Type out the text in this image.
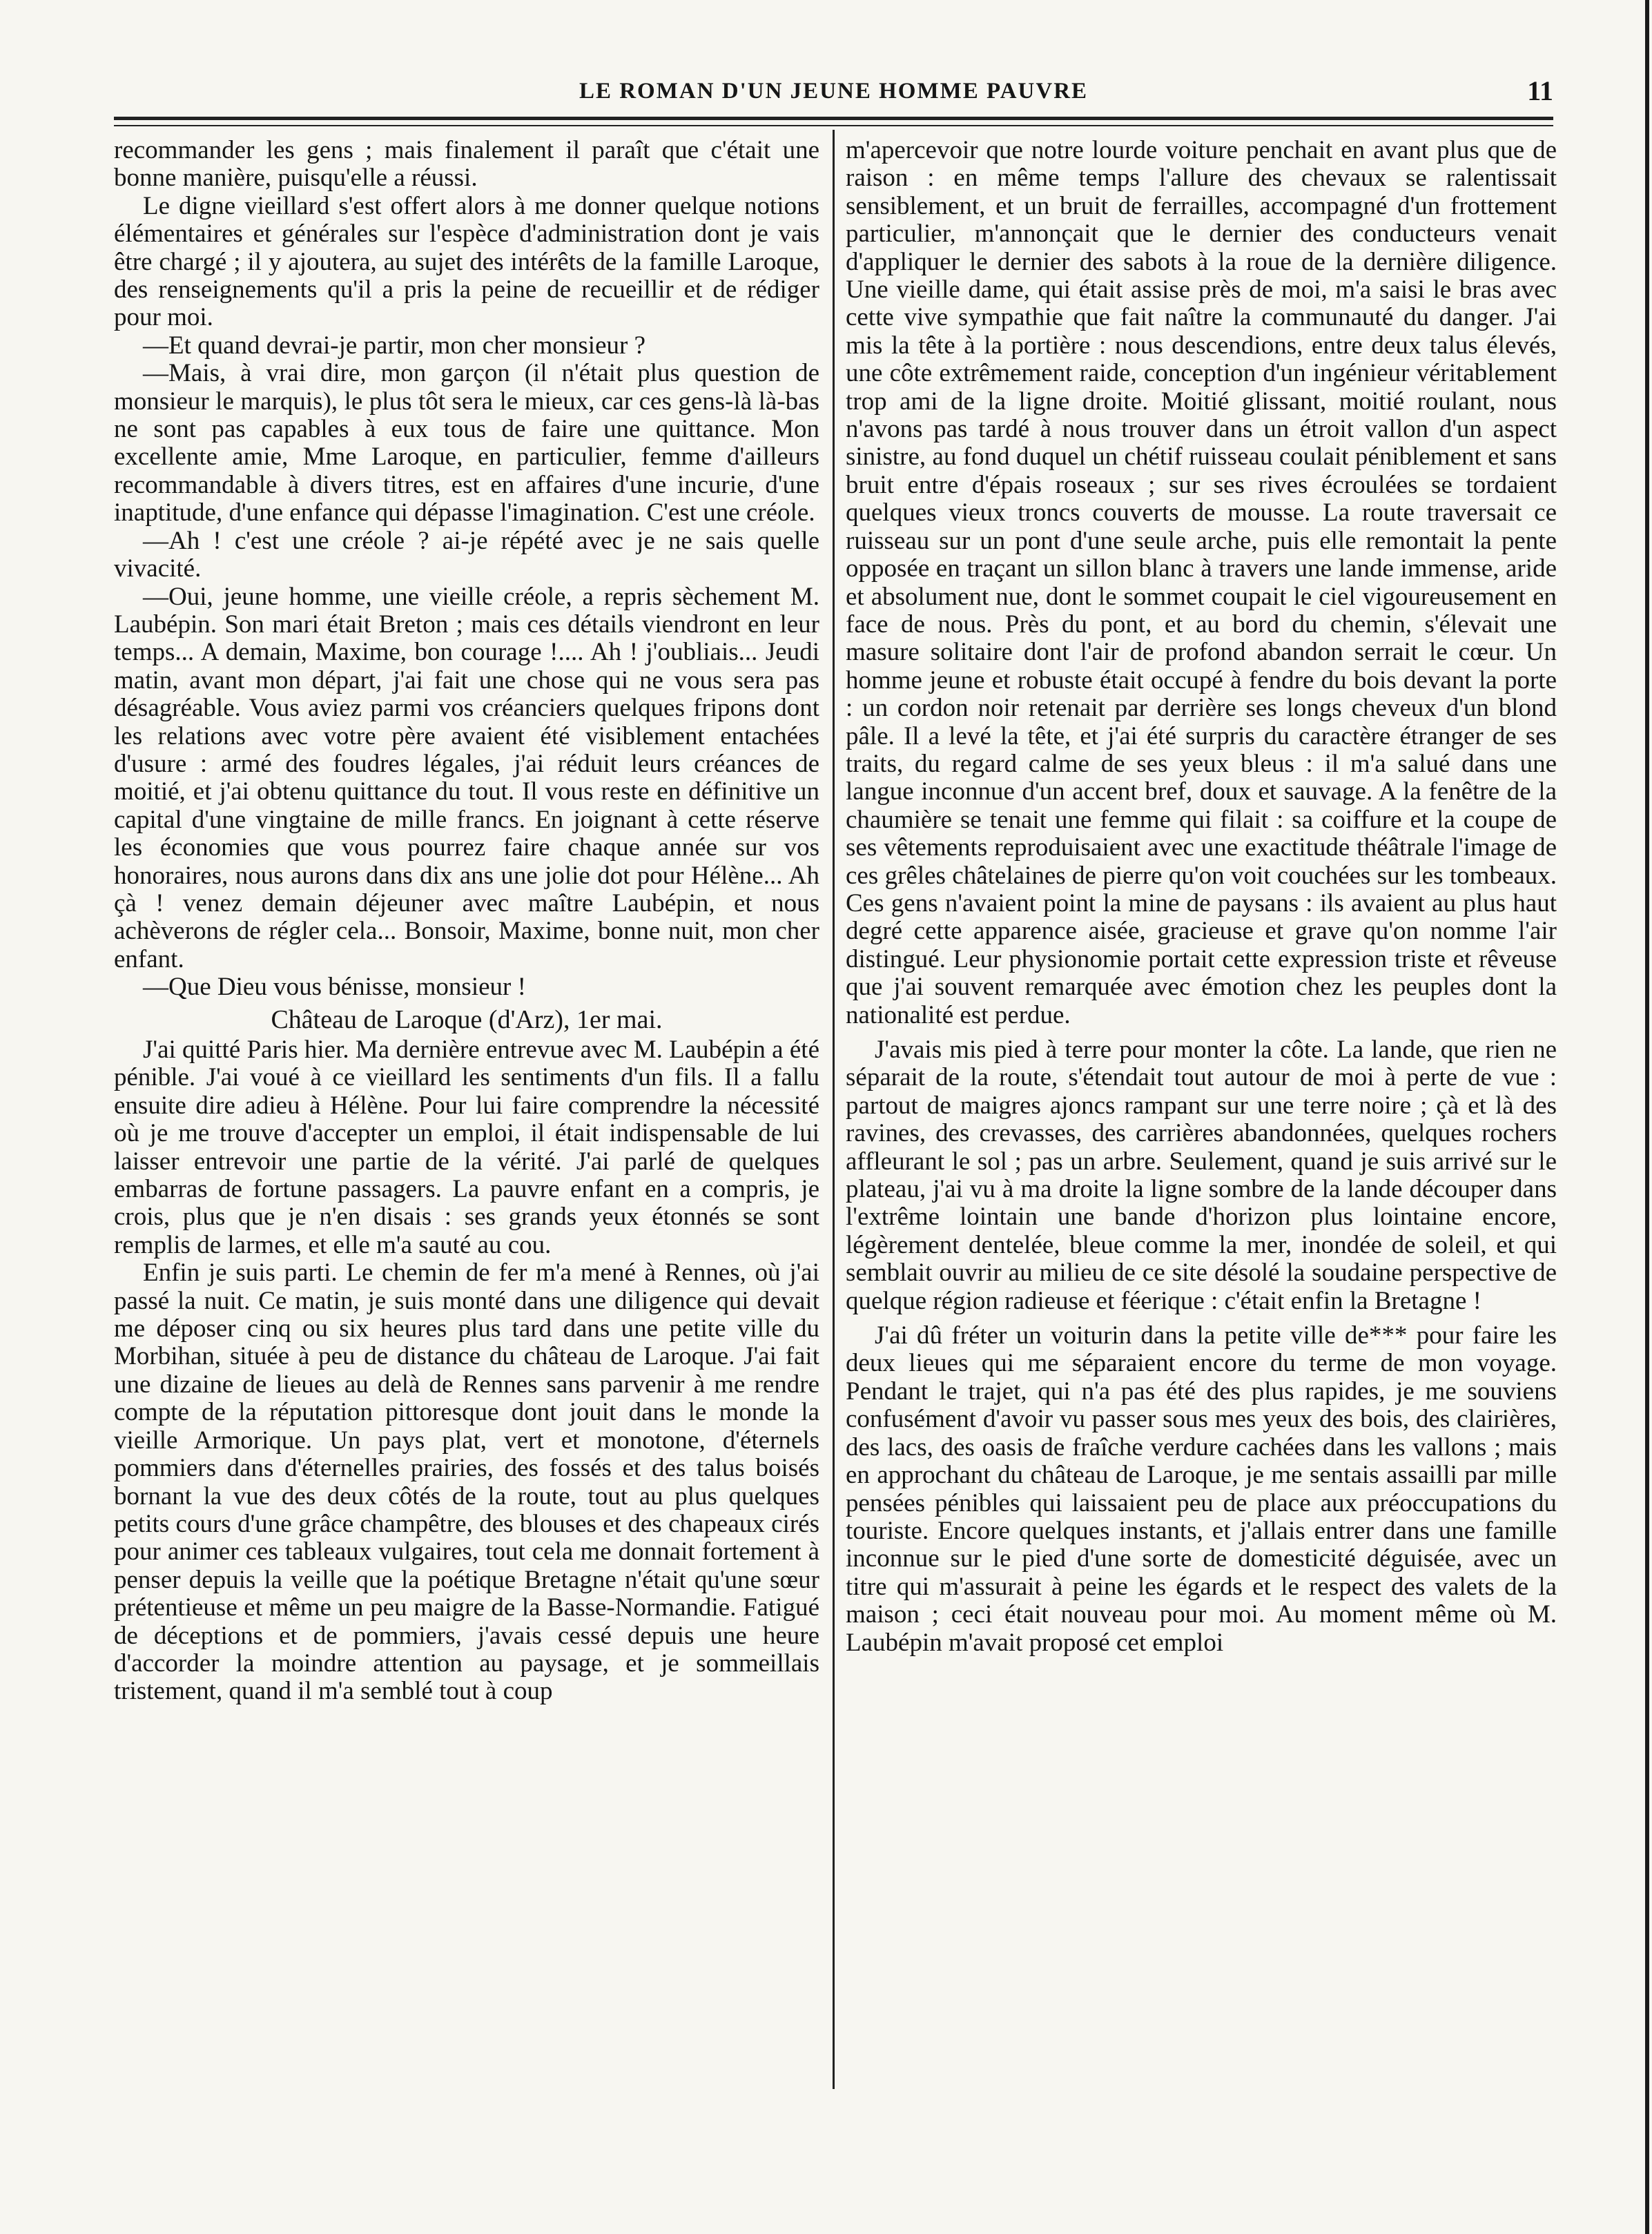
LE ROMAN D'UN JEUNE HOMME PAUVRE	11

recommander les gens ; mais finalement il paraît que c'était une bonne manière, puisqu'elle a réussi.

Le digne vieillard s'est offert alors à me donner quelque notions élémentaires et générales sur l'espèce d'administration dont je vais être chargé ; il y ajoutera, au sujet des intérêts de la famille Laroque, des renseignements qu'il a pris la peine de recueillir et de rédiger pour moi.

—Et quand devrai-je partir, mon cher monsieur ?

—Mais, à vrai dire, mon garçon (il n'était plus question de monsieur le marquis), le plus tôt sera le mieux, car ces gens-là là-bas ne sont pas capables à eux tous de faire une quittance. Mon excellente amie, Mme Laroque, en particulier, femme d'ailleurs recommandable à divers titres, est en affaires d'une incurie, d'une inaptitude, d'une enfance qui dépasse l'imagination. C'est une créole.

—Ah ! c'est une créole ? ai-je répété avec je ne sais quelle vivacité.

—Oui, jeune homme, une vieille créole, a repris sèchement M. Laubépin. Son mari était Breton ; mais ces détails viendront en leur temps... A demain, Maxime, bon courage !.... Ah ! j'oubliais... Jeudi matin, avant mon départ, j'ai fait une chose qui ne vous sera pas désagréable. Vous aviez parmi vos créanciers quelques fripons dont les relations avec votre père avaient été visiblement entachées d'usure : armé des foudres légales, j'ai réduit leurs créances de moitié, et j'ai obtenu quittance du tout. Il vous reste en définitive un capital d'une vingtaine de mille francs. En joignant à cette réserve les économies que vous pourrez faire chaque année sur vos honoraires, nous aurons dans dix ans une jolie dot pour Hélène... Ah çà ! venez demain déjeuner avec maître Laubépin, et nous achèverons de régler cela... Bonsoir, Maxime, bonne nuit, mon cher enfant.

—Que Dieu vous bénisse, monsieur !

Château de Laroque (d'Arz), 1er mai.

J'ai quitté Paris hier. Ma dernière entrevue avec M. Laubépin a été pénible. J'ai voué à ce vieillard les sentiments d'un fils. Il a fallu ensuite dire adieu à Hélène. Pour lui faire comprendre la nécessité où je me trouve d'accepter un emploi, il était indispensable de lui laisser entrevoir une partie de la vérité. J'ai parlé de quelques embarras de fortune passagers. La pauvre enfant en a compris, je crois, plus que je n'en disais : ses grands yeux étonnés se sont remplis de larmes, et elle m'a sauté au cou.

Enfin je suis parti. Le chemin de fer m'a mené à Rennes, où j'ai passé la nuit. Ce matin, je suis monté dans une diligence qui devait me déposer cinq ou six heures plus tard dans une petite ville du Morbihan, située à peu de distance du château de Laroque. J'ai fait une dizaine de lieues au delà de Rennes sans parvenir à me rendre compte de la réputation pittoresque dont jouit dans le monde la vieille Armorique. Un pays plat, vert et monotone, d'éternels pommiers dans d'éternelles prairies, des fossés et des talus boisés bornant la vue des deux côtés de la route, tout au plus quelques petits cours d'une grâce champêtre, des blouses et des chapeaux cirés pour animer ces tableaux vulgaires, tout cela me donnait fortement à penser depuis la veille que la poétique Bretagne n'était qu'une sœur prétentieuse et même un peu maigre de la Basse-Normandie. Fatigué de déceptions et de pommiers, j'avais cessé depuis une heure d'accorder la moindre attention au paysage, et je sommeillais tristement, quand il m'a semblé tout à coup

m'apercevoir que notre lourde voiture penchait en avant plus que de raison : en même temps l'allure des chevaux se ralentissait sensiblement, et un bruit de ferrailles, accompagné d'un frottement particulier, m'annonçait que le dernier des conducteurs venait d'appliquer le dernier des sabots à la roue de la dernière diligence. Une vieille dame, qui était assise près de moi, m'a saisi le bras avec cette vive sympathie que fait naître la communauté du danger. J'ai mis la tête à la portière : nous descendions, entre deux talus élevés, une côte extrêmement raide, conception d'un ingénieur véritablement trop ami de la ligne droite. Moitié glissant, moitié roulant, nous n'avons pas tardé à nous trouver dans un étroit vallon d'un aspect sinistre, au fond duquel un chétif ruisseau coulait péniblement et sans bruit entre d'épais roseaux ; sur ses rives écroulées se tordaient quelques vieux troncs couverts de mousse. La route traversait ce ruisseau sur un pont d'une seule arche, puis elle remontait la pente opposée en traçant un sillon blanc à travers une lande immense, aride et absolument nue, dont le sommet coupait le ciel vigoureusement en face de nous. Près du pont, et au bord du chemin, s'élevait une masure solitaire dont l'air de profond abandon serrait le cœur. Un homme jeune et robuste était occupé à fendre du bois devant la porte : un cordon noir retenait par derrière ses longs cheveux d'un blond pâle. Il a levé la tête, et j'ai été surpris du caractère étranger de ses traits, du regard calme de ses yeux bleus : il m'a salué dans une langue inconnue d'un accent bref, doux et sauvage. A la fenêtre de la chaumière se tenait une femme qui filait : sa coiffure et la coupe de ses vêtements reproduisaient avec une exactitude théâtrale l'image de ces grêles châtelaines de pierre qu'on voit couchées sur les tombeaux. Ces gens n'avaient point la mine de paysans : ils avaient au plus haut degré cette apparence aisée, gracieuse et grave qu'on nomme l'air distingué. Leur physionomie portait cette expression triste et rêveuse que j'ai souvent remarquée avec émotion chez les peuples dont la nationalité est perdue.

J'avais mis pied à terre pour monter la côte. La lande, que rien ne séparait de la route, s'étendait tout autour de moi à perte de vue : partout de maigres ajoncs rampant sur une terre noire ; çà et là des ravines, des crevasses, des carrières abandonnées, quelques rochers affleurant le sol ; pas un arbre. Seulement, quand je suis arrivé sur le plateau, j'ai vu à ma droite la ligne sombre de la lande découper dans l'extrême lointain une bande d'horizon plus lointaine encore, légèrement dentelée, bleue comme la mer, inondée de soleil, et qui semblait ouvrir au milieu de ce site désolé la soudaine perspective de quelque région radieuse et féerique : c'était enfin la Bretagne !

J'ai dû fréter un voiturin dans la petite ville de*** pour faire les deux lieues qui me séparaient encore du terme de mon voyage. Pendant le trajet, qui n'a pas été des plus rapides, je me souviens confusément d'avoir vu passer sous mes yeux des bois, des clairières, des lacs, des oasis de fraîche verdure cachées dans les vallons ; mais en approchant du château de Laroque, je me sentais assailli par mille pensées pénibles qui laissaient peu de place aux préoccupations du touriste. Encore quelques instants, et j'allais entrer dans une famille inconnue sur le pied d'une sorte de domesticité déguisée, avec un titre qui m'assurait à peine les égards et le respect des valets de la maison ; ceci était nouveau pour moi. Au moment même où M. Laubépin m'avait proposé cet emploi
